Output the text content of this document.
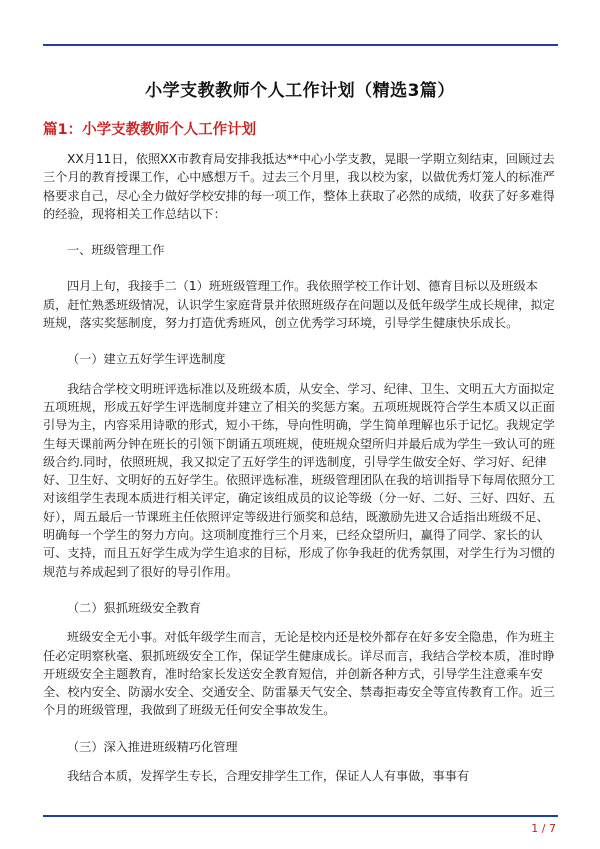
小学支教教师个人工作计划（精选3篇）
篇1：小学支教教师个人工作计划

XX月11日，依照XX市教育局安排我抵达**中心小学支教，晃眼一学期立刻结束，回顾过去三个月的教育授课工作，心中感想万千。过去三个月里，我以校为家，以做优秀灯笼人的标准严格要求自己，尽心全力做好学校安排的每一项工作，整体上获取了必然的成绩，收获了好多难得的经验，现将相关工作总结以下：

一、班级管理工作

四月上旬，我接手二（1）班班级管理工作。我依照学校工作计划、德育目标以及班级本质，赶忙熟悉班级情况，认识学生家庭背景并依照班级存在问题以及低年级学生成长规律，拟定班规，落实奖惩制度，努力打造优秀班风，创立优秀学习环境，引导学生健康快乐成长。

（一）建立五好学生评选制度

我结合学校文明班评选标准以及班级本质，从安全、学习、纪律、卫生、文明五大方面拟定五项班规，形成五好学生评选制度并建立了相关的奖惩方案。五项班规既符合学生本质又以正面引导为主，内容采用诗歌的形式，短小干练，导向性明确，学生简单理解也乐于记忆。我规定学生每天课前两分钟在班长的引领下朗诵五项班规，使班规众望所归并最后成为学生一致认可的班级合约.同时，依照班规，我又拟定了五好学生的评选制度，引导学生做安全好、学习好、纪律好、卫生好、文明好的五好学生。依照评选标准，班级管理团队在我的培训指导下每周依照分工对该组学生表现本质进行相关评定，确定该组成员的议论等级（分一好、二好、三好、四好、五好），周五最后一节课班主任依照评定等级进行颁奖和总结，既激励先进又合适指出班级不足、明确每一个学生的努力方向。这项制度推行三个月来，已经众望所归，赢得了同学、家长的认可、支持，而且五好学生成为学生追求的目标，形成了你争我赶的优秀氛围，对学生行为习惯的规范与养成起到了很好的导引作用。

（二）狠抓班级安全教育

班级安全无小事。对低年级学生而言，无论是校内还是校外都存在好多安全隐患，作为班主任必定明察秋毫、狠抓班级安全工作，保证学生健康成长。详尽而言，我结合学校本质，准时睁开班级安全主题教育，准时给家长发送安全教育短信，并创新各种方式，引导学生注意乘车安全、校内安全、防溺水安全、交通安全、防雷暴天气安全、禁毒拒毒安全等宣传教育工作。近三个月的班级管理，我做到了班级无任何安全事故发生。

（三）深入推进班级精巧化管理

我结合本质，发挥学生专长，合理安排学生工作，保证人人有事做，事事有

1 / 7
